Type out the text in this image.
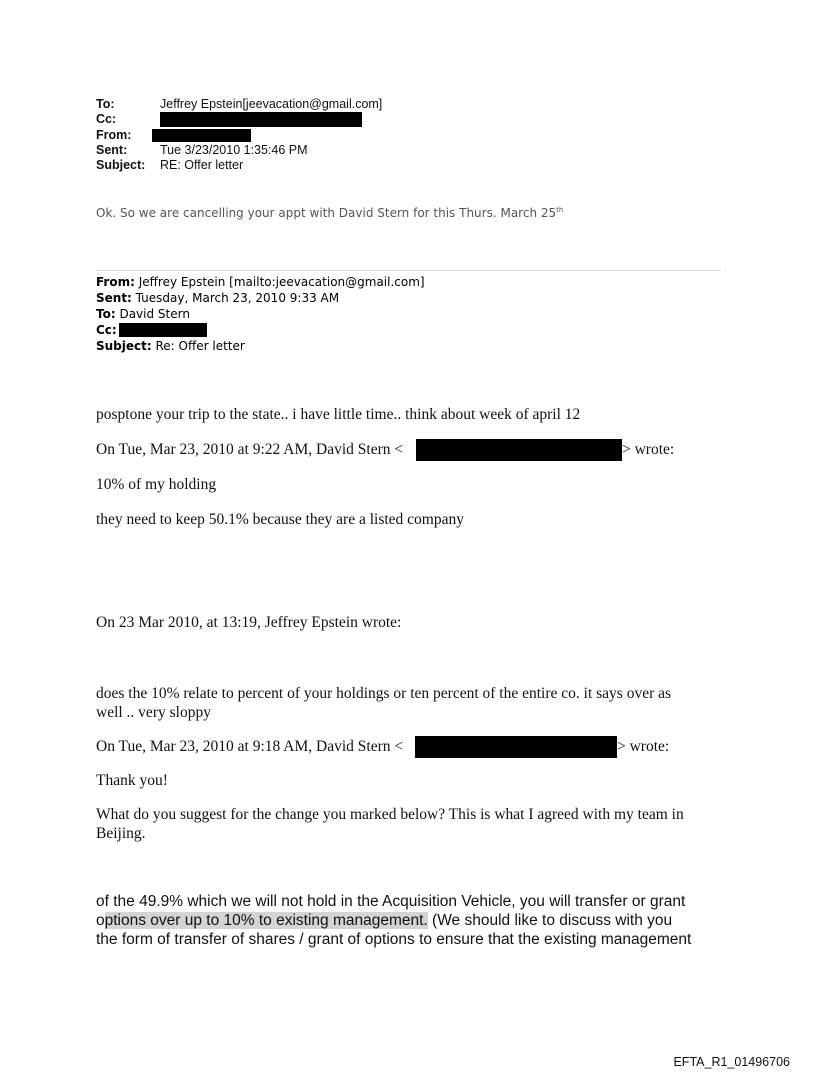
To:	Jeffrey Epstein[jeevacation@gmail.com]
Cc:
From:
Sent:	Tue 3/23/2010 1:35:46 PM
Subject: RE: Offer letter
Ok. So we are cancelling your appt with David Stern for this Thurs. March 25th
From: Jeffrey Epstein [mailto:jeevacation@gmail.com]
Sent: Tuesday, March 23, 2010 9:33 AM
To: David Stern
Cc:
Subject: Re: Offer letter
posptone your trip to the state.. i have little time.. think about week of april 12
On Tue, Mar 23, 2010 at 9:22 AM, David Stern <	> wrote:
10% of my holding
they need to keep 50.1% because they are a listed company
On 23 Mar 2010, at 13:19, Jeffrey Epstein wrote:
does the 10% relate to percent of your holdings or ten percent of the entire co. it says over as
well .. very sloppy
On Tue, Mar 23, 2010 at 9:18 AM, David Stern <	> wrote:
Thank you!
What do you suggest for the change you marked below? This is what I agreed with my team in
Beijing.
of the 49.9% which we will not hold in the Acquisition Vehicle, you will transfer or grant
options over up to 10% to existing management. (We should like to discuss with you
the form of transfer of shares / grant of options to ensure that the existing management
EFTA_R1_01496706
